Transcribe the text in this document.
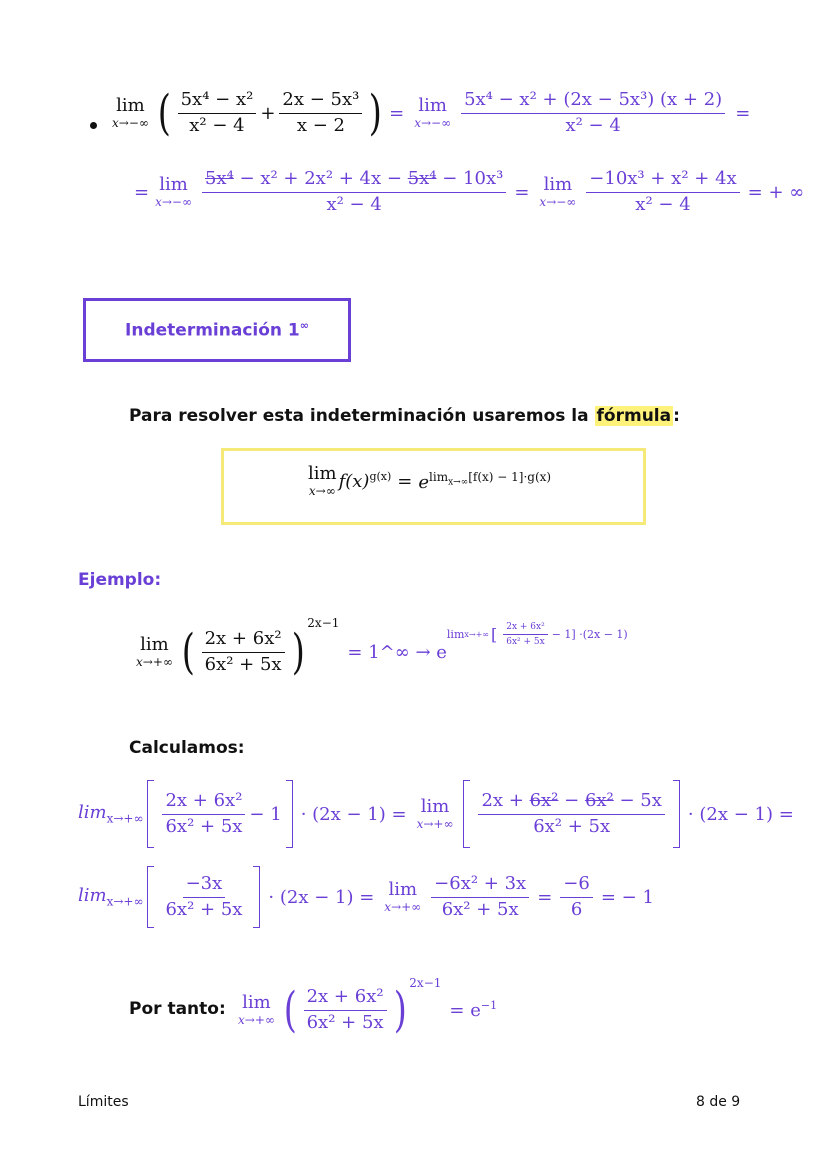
lim
x→−∞ ( $\frac{\text{5x⁴ − x²}}{\text{x² − 4}} + \frac{\text{2x − 5x³}}{x - 2}$ ) = lim
$x\to-\infty \frac{\text{5x⁴ − x² + (2x − 5x³) (x + 2)}}{\text{x² − 4}}$ =
= lim
$x\to-\infty \frac{\text{5x⁴ − x² + 2x² + 4x − 5x⁴ − 10x³}}{\text{x² − 4}} = \lim$
$x\to-\infty \frac{\text{−10x³ + x² + 4x}}{\text{x² − 4}}$ = + ∞
Indeterminación 1∞
Para resolver esta indeterminación usaremos la fórmula :
lim
x→∞ $f(x)^{g(x)} = e^{lim_{x\to\infty}[f(x) - 1]\cdot g(x)}$
Ejemplo:
lim
x→+∞ ( $\frac{\text{2x + 6x²}}{\text{6x² + 5x}}$ )
$^{2x-1}$
= 1^∞ → e
lim x→+∞ [ $\frac{\text{2x + 6x²}}{\text{6x² + 5x}} - 1] \cdot(2x - 1)$
Calculamos:
$\lim_{x\to+\infty} \frac{\text{2x + 6x²}}{\text{6x² + 5x}} - 1 \cdot (2x - 1) = \lim$
$x\to+\infty \frac{\text{2x + 6x² − 6x² − 5x}}{\text{6x² + 5x}} \cdot (2x - 1)$ =
$\lim_{x\to+\infty} \frac{-3x}{\text{6x² + 5x}} \cdot (2x - 1) = \lim$
$x\to+\infty \frac{\text{−6x² + 3x}}{\text{6x² + 5x}} = \frac{-6}{6}$ = − 1
Por tanto: lim
x→+∞ ( $\frac{\text{2x + 6x²}}{\text{6x² + 5x}} )^{2x-1}$
= $e^{-1}$
Límites	8 de 9
